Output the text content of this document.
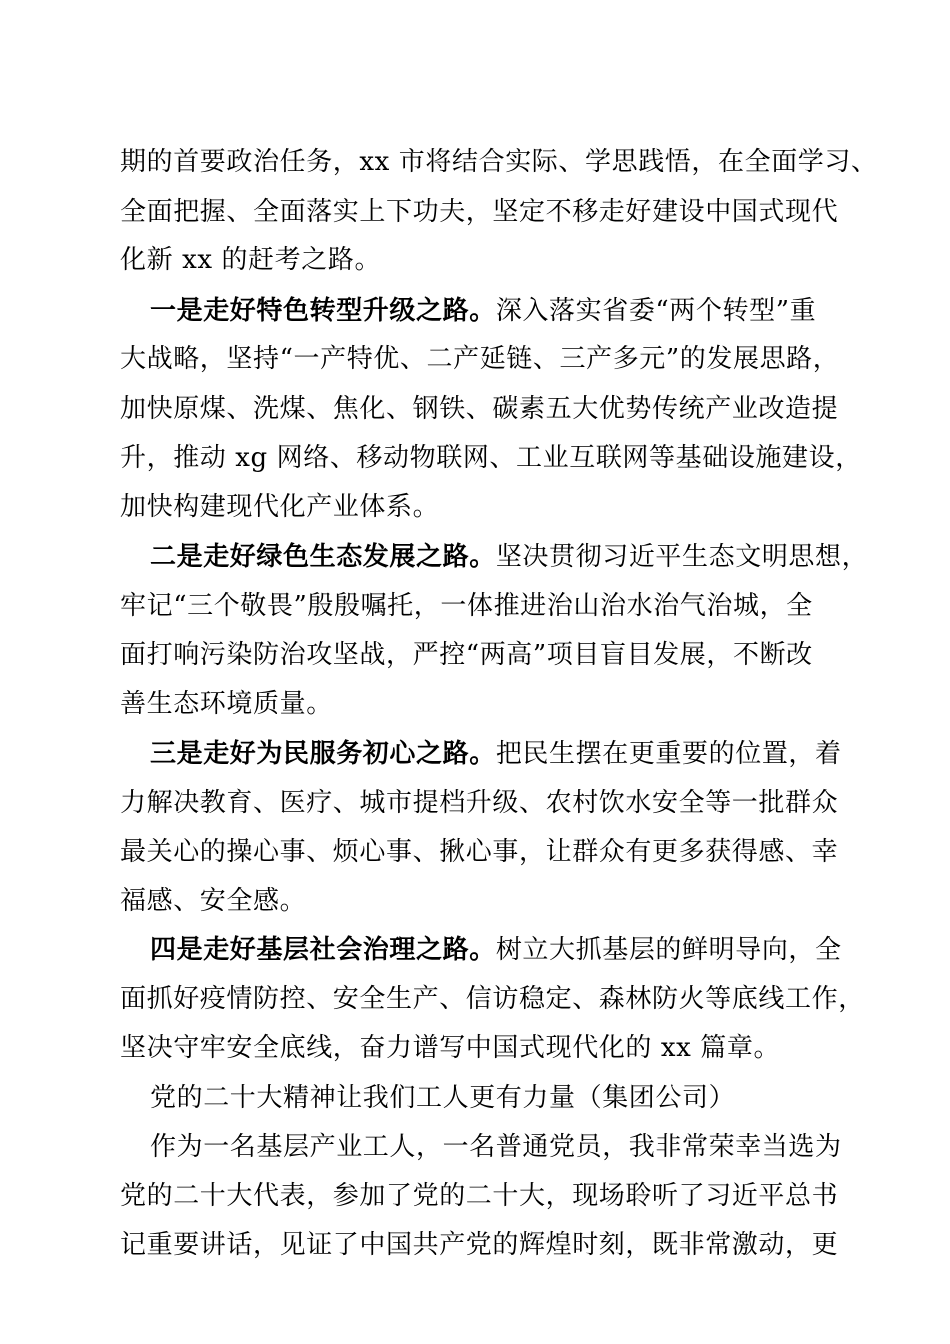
期的首要政治任务，xx 市将结合实际、学思践悟，在全面学习、
全面把握、全面落实上下功夫，坚定不移走好建设中国式现代
化新 xx 的赶考之路。
一是走好特色转型升级之路。深入落实省委“两个转型”重
大战略，坚持“一产特优、二产延链、三产多元”的发展思路，
加快原煤、洗煤、焦化、钢铁、碳素五大优势传统产业改造提
升，推动 xg 网络、移动物联网、工业互联网等基础设施建设，
加快构建现代化产业体系。
二是走好绿色生态发展之路。坚决贯彻习近平生态文明思想，
牢记“三个敬畏”殷殷嘱托，一体推进治山治水治气治城，全
面打响污染防治攻坚战，严控“两高”项目盲目发展，不断改
善生态环境质量。
三是走好为民服务初心之路。把民生摆在更重要的位置，着
力解决教育、医疗、城市提档升级、农村饮水安全等一批群众
最关心的操心事、烦心事、揪心事，让群众有更多获得感、幸
福感、安全感。
四是走好基层社会治理之路。树立大抓基层的鲜明导向，全
面抓好疫情防控、安全生产、信访稳定、森林防火等底线工作，
坚决守牢安全底线，奋力谱写中国式现代化的 xx 篇章。
党的二十大精神让我们工人更有力量（集团公司）
作为一名基层产业工人，一名普通党员，我非常荣幸当选为
党的二十大代表，参加了党的二十大，现场聆听了习近平总书
记重要讲话，见证了中国共产党的辉煌时刻，既非常激动，更
